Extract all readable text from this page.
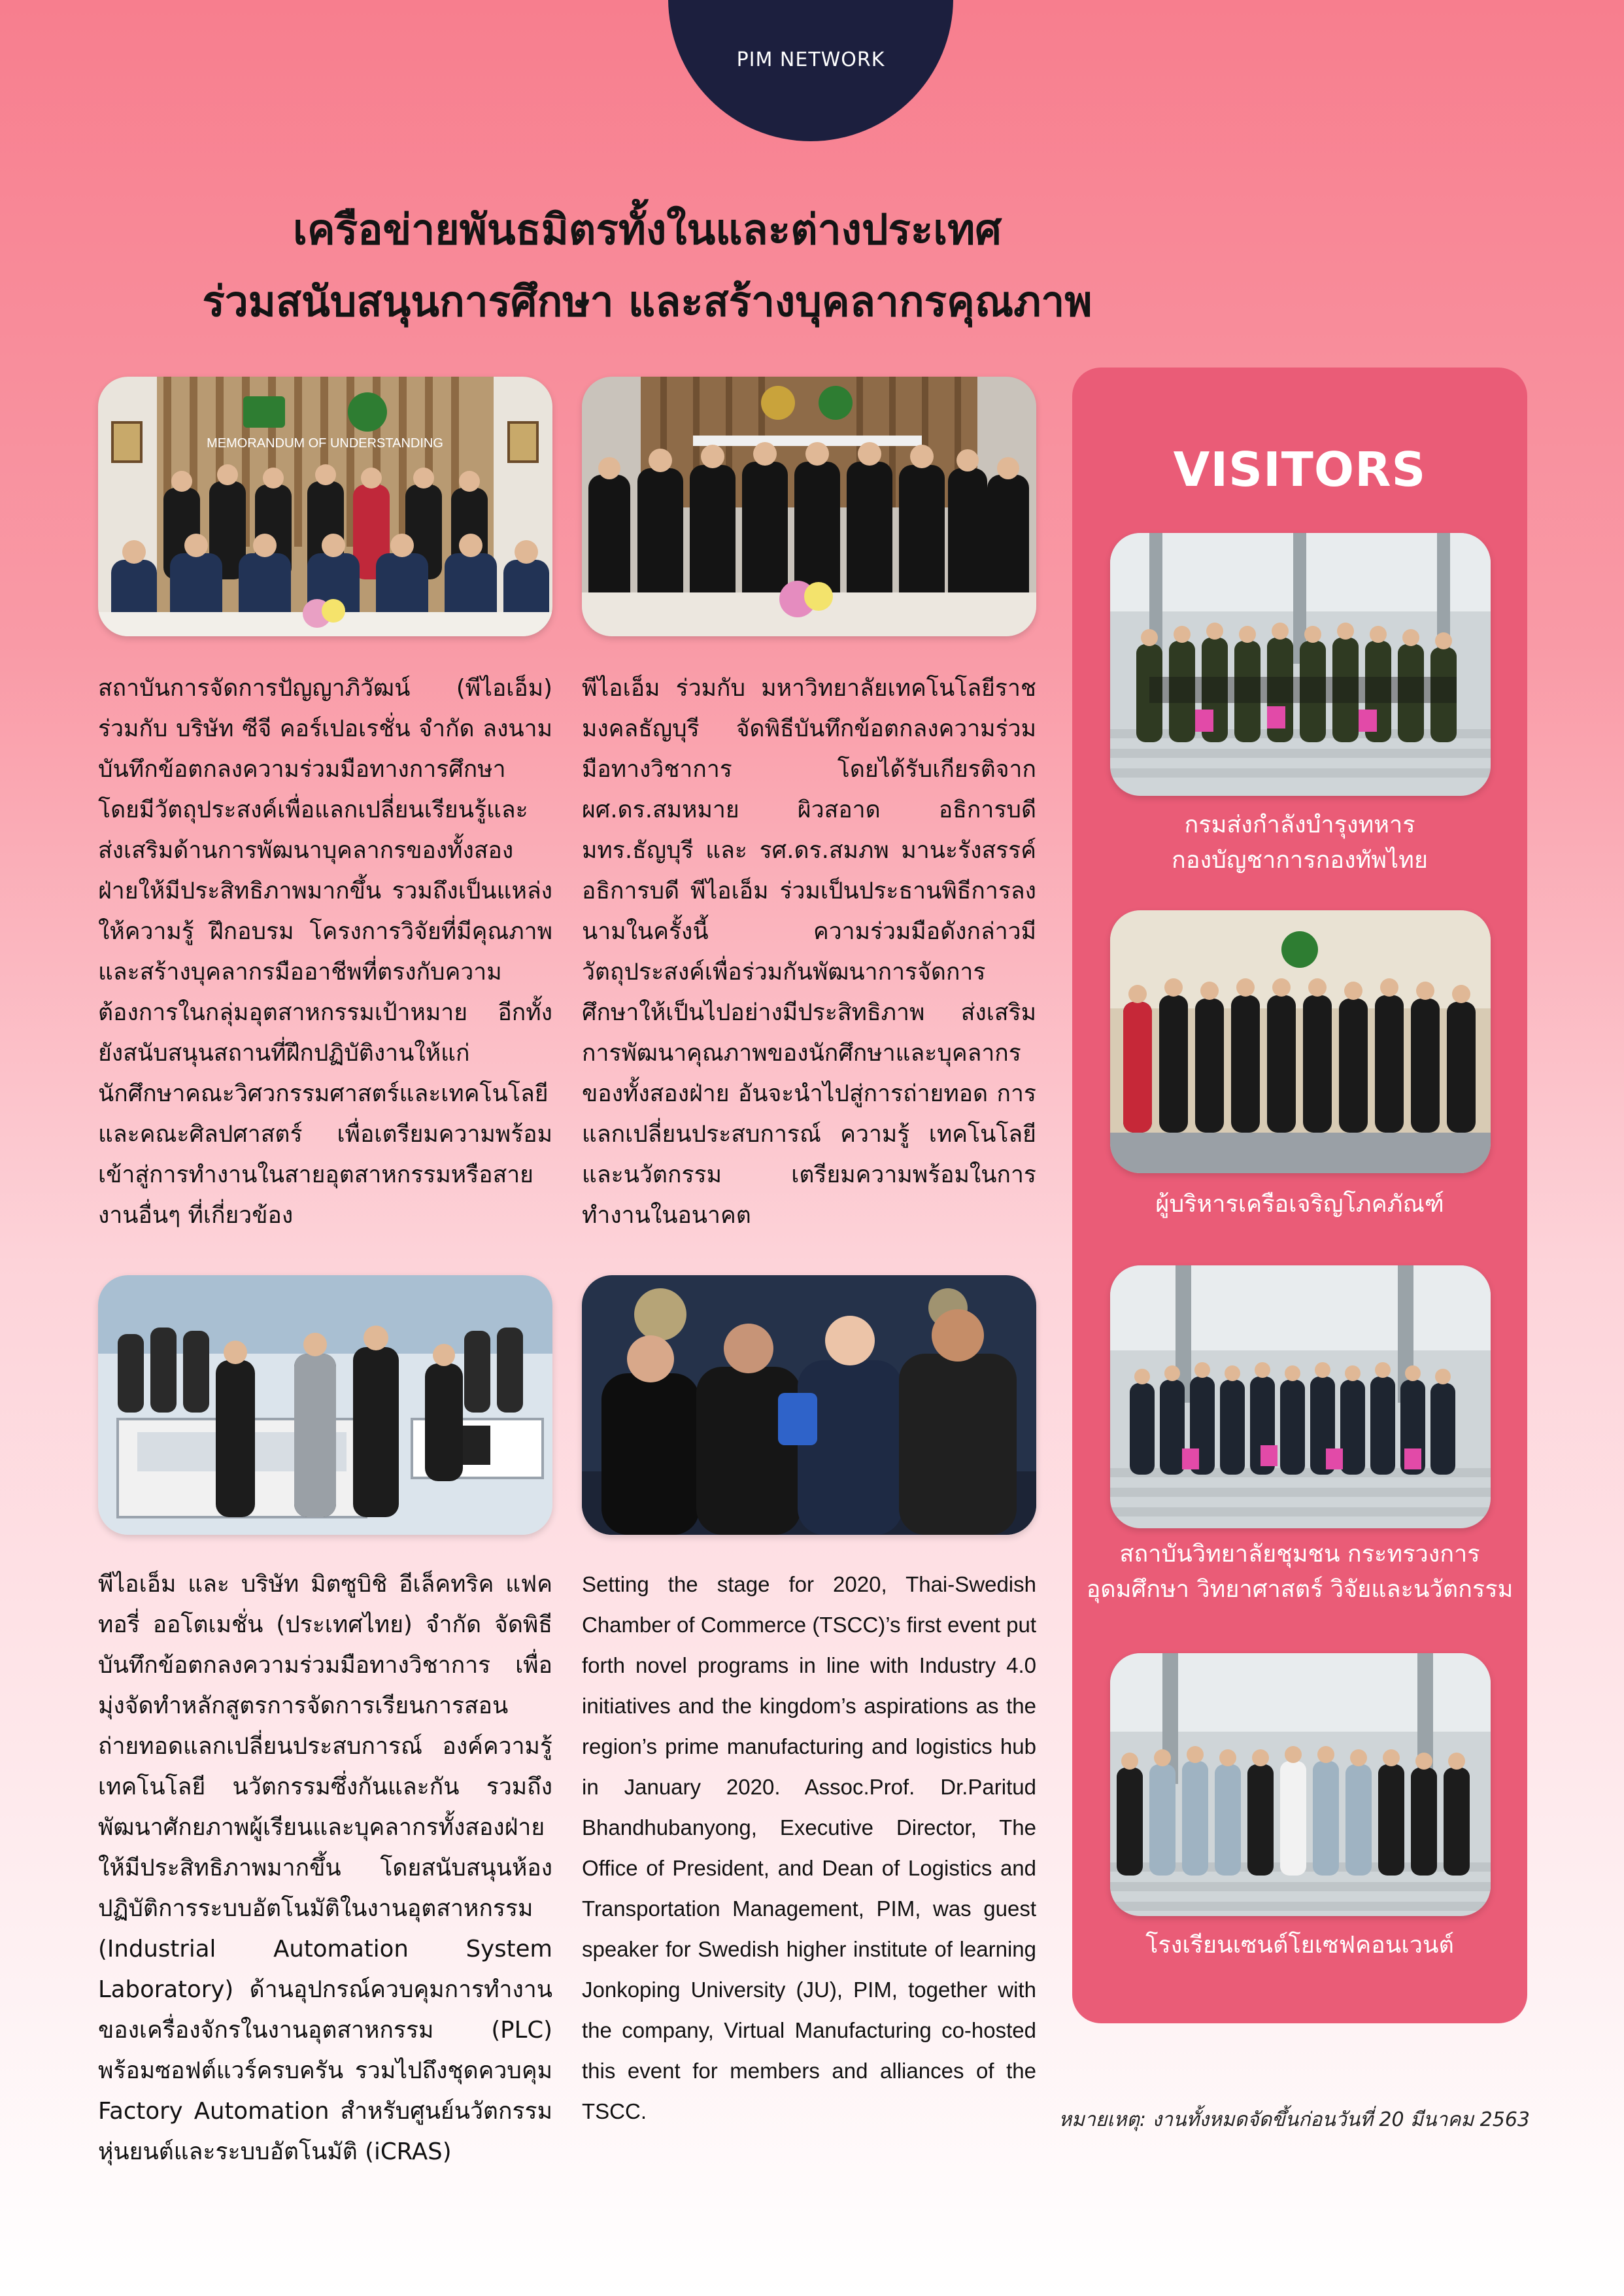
PIM NETWORK
เครือข่ายพันธมิตรทั้งในและต่างประเทศ
ร่วมสนับสนุนการศึกษา และสร้างบุคลากรคุณภาพ
MEMORANDUM OF UNDERSTANDING

สถาบันการจัดการปัญญาภิวัฒน์ (พีไอเอ็ม) ร่วมกับ บริษัท ซีจี คอร์เปอเรชั่น จำกัด ลงนามบันทึกข้อตกลงความร่วมมือทางการศึกษา โดยมีวัตถุประสงค์เพื่อแลกเปลี่ยนเรียนรู้และส่งเสริมด้านการพัฒนาบุคลากรของทั้งสองฝ่ายให้มีประสิทธิภาพมากขึ้น รวมถึงเป็นแหล่งให้ความรู้ ฝึกอบรม โครงการวิจัยที่มีคุณภาพ และสร้างบุคลากรมืออาชีพที่ตรงกับความต้องการในกลุ่มอุตสาหกรรมเป้าหมาย อีกทั้งยังสนับสนุนสถานที่ฝึกปฏิบัติงานให้แก่นักศึกษาคณะวิศวกรรมศาสตร์และเทคโนโลยี และคณะศิลปศาสตร์ เพื่อเตรียมความพร้อมเข้าสู่การทำงานในสายอุตสาหกรรมหรือสายงานอื่นๆ ที่เกี่ยวข้อง

พีไอเอ็ม ร่วมกับ มหาวิทยาลัยเทคโนโลยีราชมงคลธัญบุรี จัดพิธีบันทึกข้อตกลงความร่วมมือทางวิชาการ โดยได้รับเกียรติจาก ผศ.ดร.สมหมาย ผิวสอาด อธิการบดี มทร.ธัญบุรี และ รศ.ดร.สมภพ มานะรังสรรค์ อธิการบดี พีไอเอ็ม ร่วมเป็นประธานพิธีการลงนามในครั้งนี้ ความร่วมมือดังกล่าวมีวัตถุประสงค์เพื่อร่วมกันพัฒนาการจัดการศึกษาให้เป็นไปอย่างมีประสิทธิภาพ ส่งเสริมการพัฒนาคุณภาพของนักศึกษาและบุคลากรของทั้งสองฝ่าย อันจะนำไปสู่การถ่ายทอด การแลกเปลี่ยนประสบการณ์ ความรู้ เทคโนโลยี และนวัตกรรม เตรียมความพร้อมในการทำงานในอนาคต

พีไอเอ็ม และ บริษัท มิตซูบิชิ อีเล็คทริค แฟคทอรี่ ออโตเมชั่น (ประเทศไทย) จำกัด จัดพิธีบันทึกข้อตกลงความร่วมมือทางวิชาการ เพื่อมุ่งจัดทำหลักสูตรการจัดการเรียนการสอน ถ่ายทอดแลกเปลี่ยนประสบการณ์ องค์ความรู้ เทคโนโลยี นวัตกรรมซึ่งกันและกัน รวมถึงพัฒนาศักยภาพผู้เรียนและบุคลากรทั้งสองฝ่ายให้มีประสิทธิภาพมากขึ้น โดยสนับสนุนห้องปฏิบัติการระบบอัตโนมัติในงานอุตสาหกรรม (Industrial Automation System Laboratory) ด้านอุปกรณ์ควบคุมการทำงานของเครื่องจักรในงานอุตสาหกรรม (PLC) พร้อมซอฟต์แวร์ครบครัน รวมไปถึงชุดควบคุม Factory Automation สำหรับศูนย์นวัตกรรมหุ่นยนต์และระบบอัตโนมัติ (iCRAS)

Setting the stage for 2020, Thai-Swedish Chamber of Commerce (TSCC)’s first event put forth novel programs in line with Industry 4.0 initiatives and the kingdom’s aspirations as the region’s prime manufacturing and logistics hub in January 2020. Assoc.Prof. Dr.Paritud Bhandhubanyong, Executive Director, The Office of President, and Dean of Logistics and Transportation Management, PIM, was guest speaker for Swedish higher institute of learning Jonkoping University (JU), PIM, together with the company, Virtual Manufacturing co-hosted this event for members and alliances of the TSCC.

VISITORS

กรมส่งกำลังบำรุงทหาร
กองบัญชาการกองทัพไทย

ผู้บริหารเครือเจริญโภคภัณฑ์

สถาบันวิทยาลัยชุมชน กระทรวงการ
อุดมศึกษา วิทยาศาสตร์ วิจัยและนวัตกรรม

โรงเรียนเซนต์โยเซฟคอนเวนต์

หมายเหตุ: งานทั้งหมดจัดขึ้นก่อนวันที่ 20 มีนาคม 2563
